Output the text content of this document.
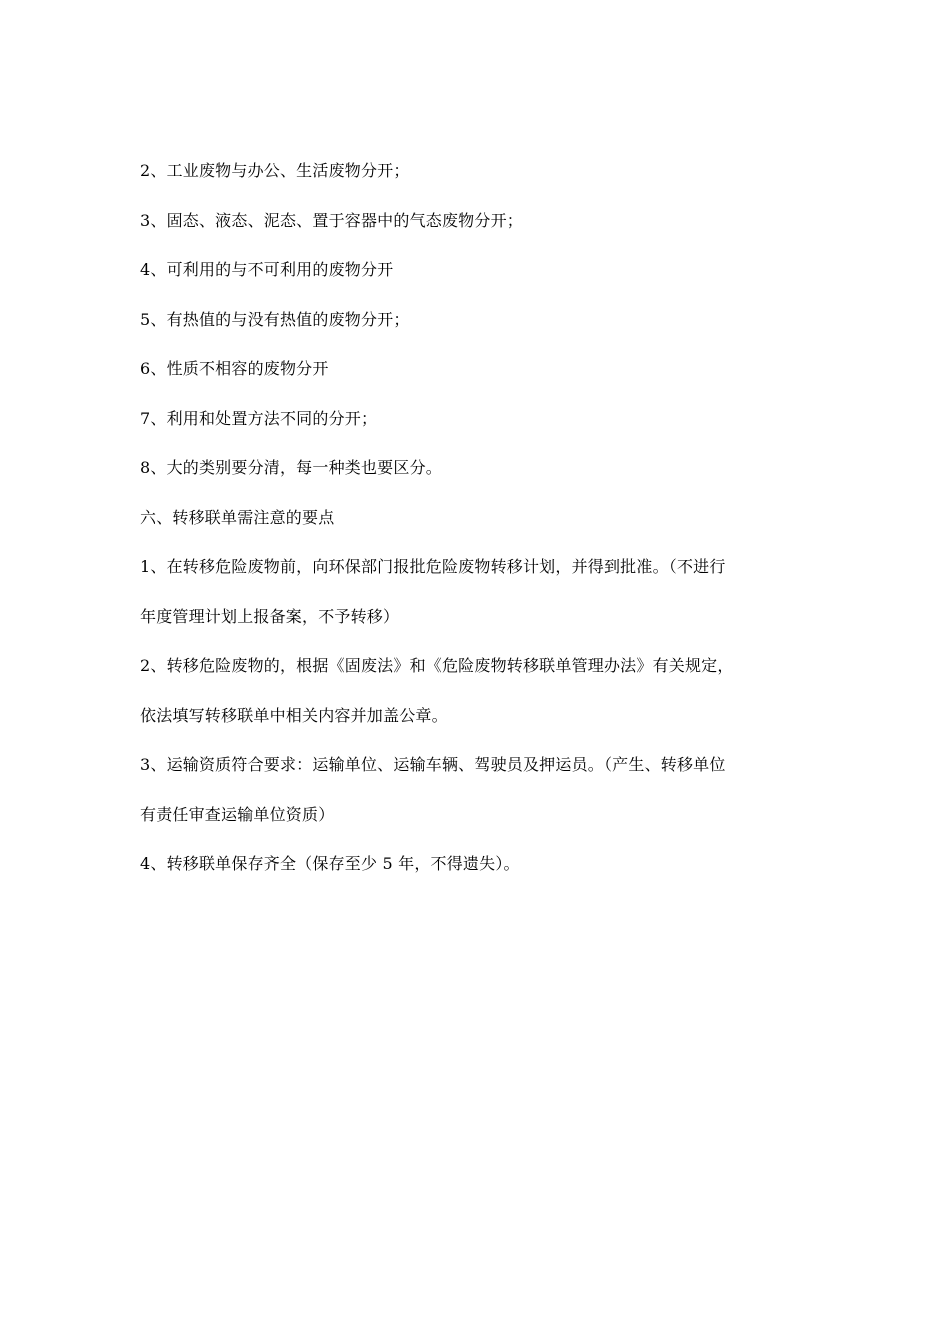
2、工业废物与办公、生活废物分开；
3、固态、液态、泥态、置于容器中的气态废物分开；
4、可利用的与不可利用的废物分开
5、有热值的与没有热值的废物分开；
6、性质不相容的废物分开
7、利用和处置方法不同的分开；
8、大的类别要分清，每一种类也要区分。
六、转移联单需注意的要点
1、在转移危险废物前，向环保部门报批危险废物转移计划，并得到批准。（不进行
年度管理计划上报备案，不予转移）
2、转移危险废物的，根据《固废法》和《危险废物转移联单管理办法》有关规定，
依法填写转移联单中相关内容并加盖公章。
3、运输资质符合要求：运输单位、运输车辆、驾驶员及押运员。（产生、转移单位
有责任审查运输单位资质）
4、转移联单保存齐全（保存至少 5 年，不得遗失）。
